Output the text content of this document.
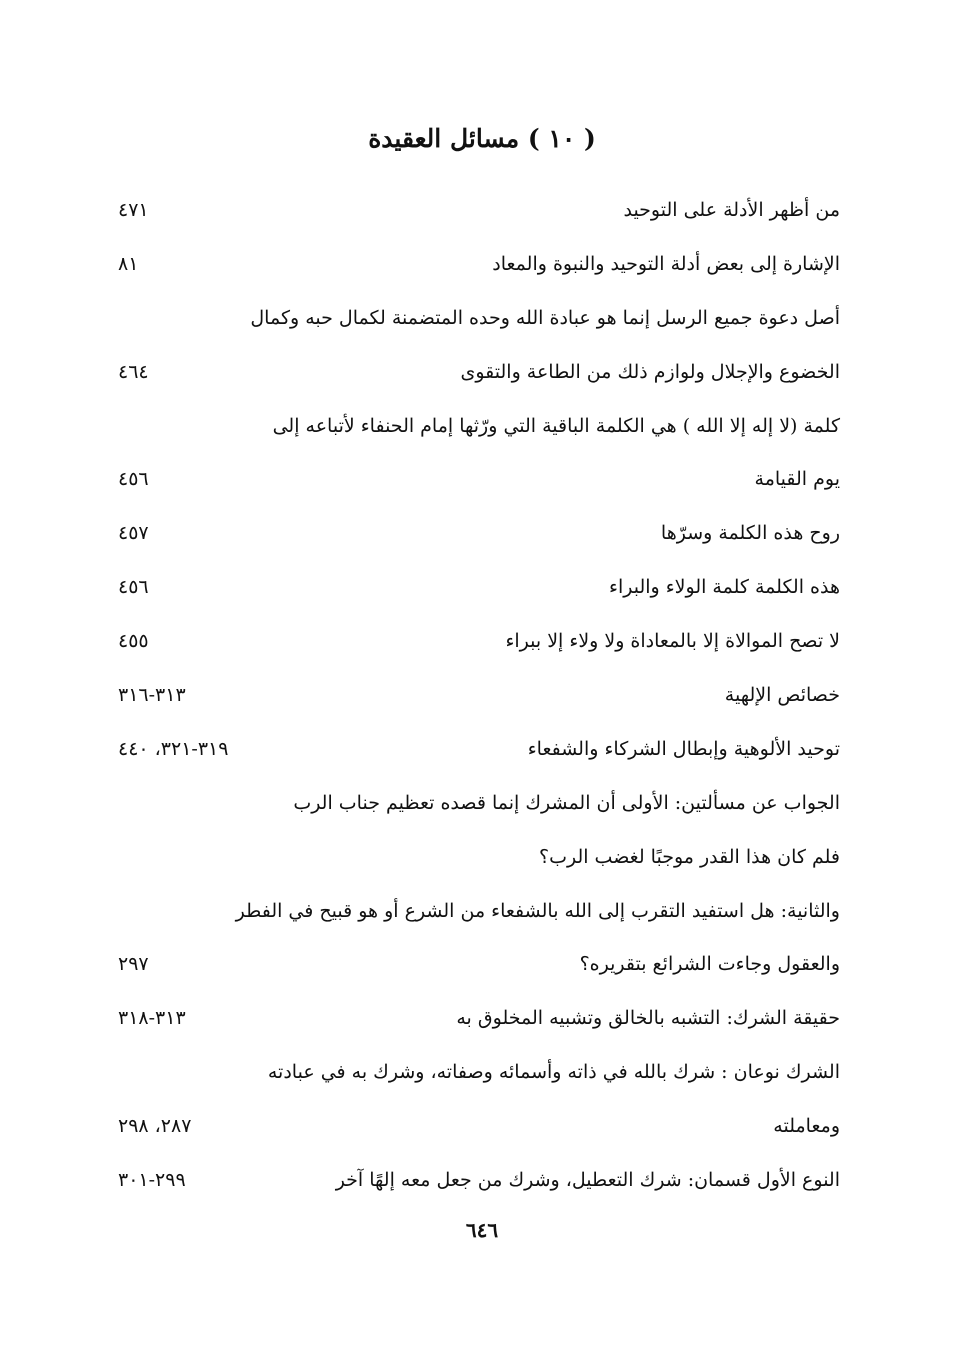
( ١٠ ) مسائل العقيدة
من أظهر الأدلة على التوحيد
٤٧١
الإشارة إلى بعض أدلة التوحيد والنبوة والمعاد
٨١
أصل دعوة جميع الرسل إنما هو عبادة الله وحده المتضمنة لكمال حبه وكمال
الخضوع والإجلال ولوازم ذلك من الطاعة والتقوى
٤٦٤
كلمة (لا إله إلا الله ) هي الكلمة الباقية التي ورّثها إمام الحنفاء لأتباعه إلى
يوم القيامة
٤٥٦
روح هذه الكلمة وسرّها
٤٥٧
هذه الكلمة كلمة الولاء والبراء
٤٥٦
لا تصح الموالاة إلا بالمعاداة ولا ولاء إلا ببراء
٤٥٥
خصائص الإلهية
٣١٣-٣١٦
توحيد الألوهية وإبطال الشركاء والشفعاء
٣١٩-٣٢١، ٤٤٠
الجواب عن مسألتين: الأولى أن المشرك إنما قصده تعظيم جناب الرب
فلم كان هذا القدر موجبًا لغضب الرب؟
والثانية: هل استفيد التقرب إلى الله بالشفعاء من الشرع أو هو قبيح في الفطر
والعقول وجاءت الشرائع بتقريره؟
٢٩٧
حقيقة الشرك: التشبه بالخالق وتشبيه المخلوق به
٣١٣-٣١٨
الشرك نوعان : شرك بالله في ذاته وأسمائه وصفاته، وشرك به في عبادته
ومعاملته
٢٨٧، ٢٩٨
النوع الأول قسمان: شرك التعطيل، وشرك من جعل معه إلهًا آخر
٢٩٩-٣٠١
٦٤٦
